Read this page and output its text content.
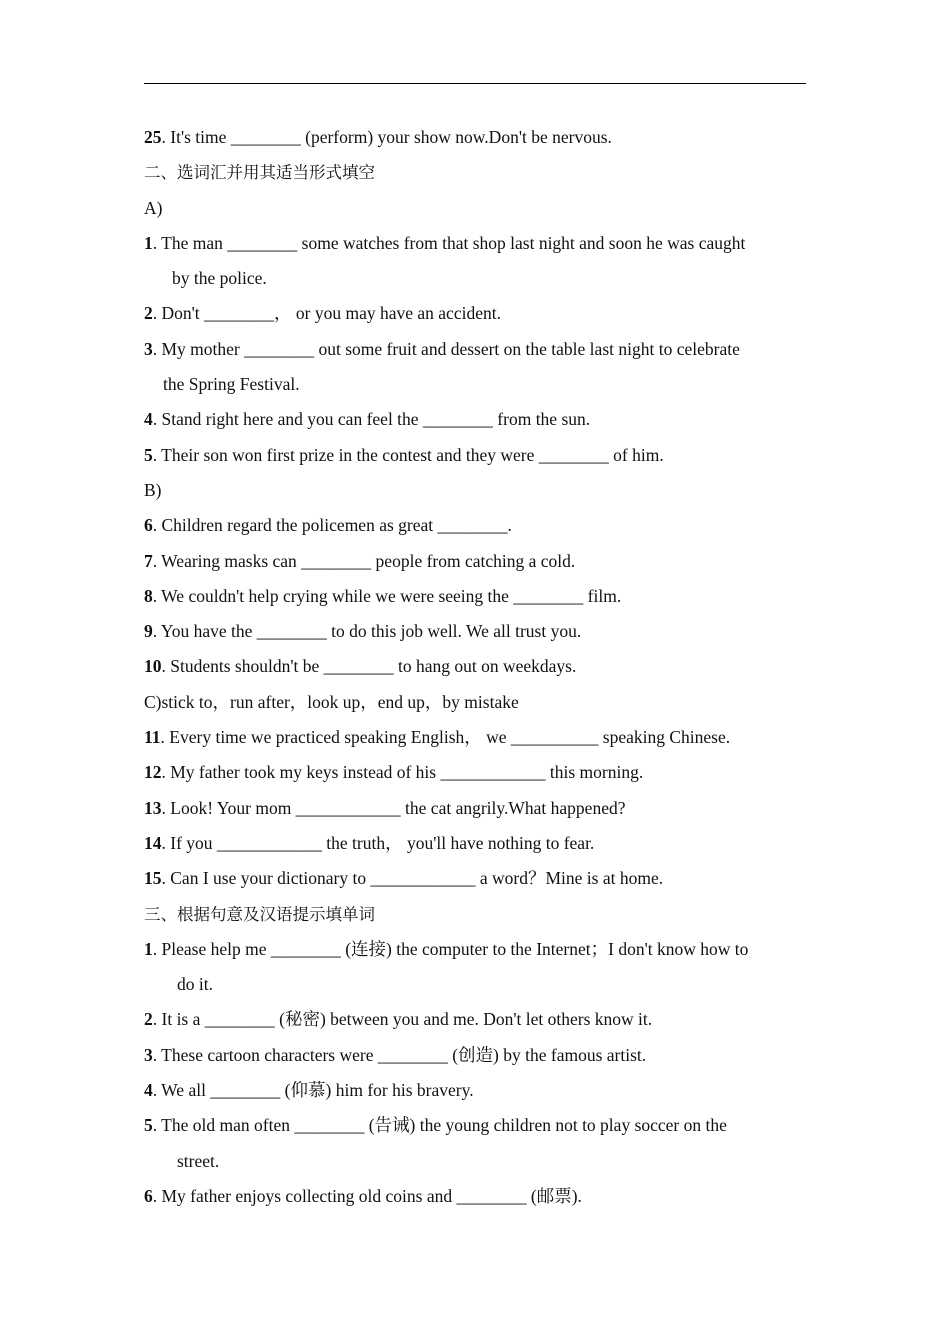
25. It's time ________ (perform) your show now.Don't be nervous.

二、选词汇并用其适当形式填空

A)

1. The man ________ some watches from that shop last night and soon he was caught

by the police.

2. Don't ________， or you may have an accident.

3. My mother ________ out some fruit and dessert on the table last night to celebrate

the Spring Festival.

4. Stand right here and you can feel the ________ from the sun.

5. Their son won first prize in the contest and they were ________ of him.

B)

6. Children regard the policemen as great ________.

7. Wearing masks can ________ people from catching a cold.

8. We couldn't help crying while we were seeing the ________ film.

9. You have the ________ to do this job well. We all trust you.

10. Students shouldn't be ________ to hang out on weekdays.

C)stick to，run after，look up，end up，by mistake

11. Every time we practiced speaking English， we __________ speaking Chinese.

12. My father took my keys instead of his ____________ this morning.

13. Look! Your mom ____________ the cat angrily.What happened?

14. If you ____________ the truth， you'll have nothing to fear.

15. Can I use your dictionary to ____________ a word？Mine is at home.

三、根据句意及汉语提示填单词

1. Please help me ________ (连接) the computer to the Internet；I don't know how to

do it.

2. It is a ________ (秘密) between you and me. Don't let others know it.

3. These cartoon characters were ________ (创造) by the famous artist.

4. We all ________ (仰慕) him for his bravery.

5. The old man often ________ (告诫) the young children not to play soccer on the

street.

6. My father enjoys collecting old coins and ________ (邮票).
